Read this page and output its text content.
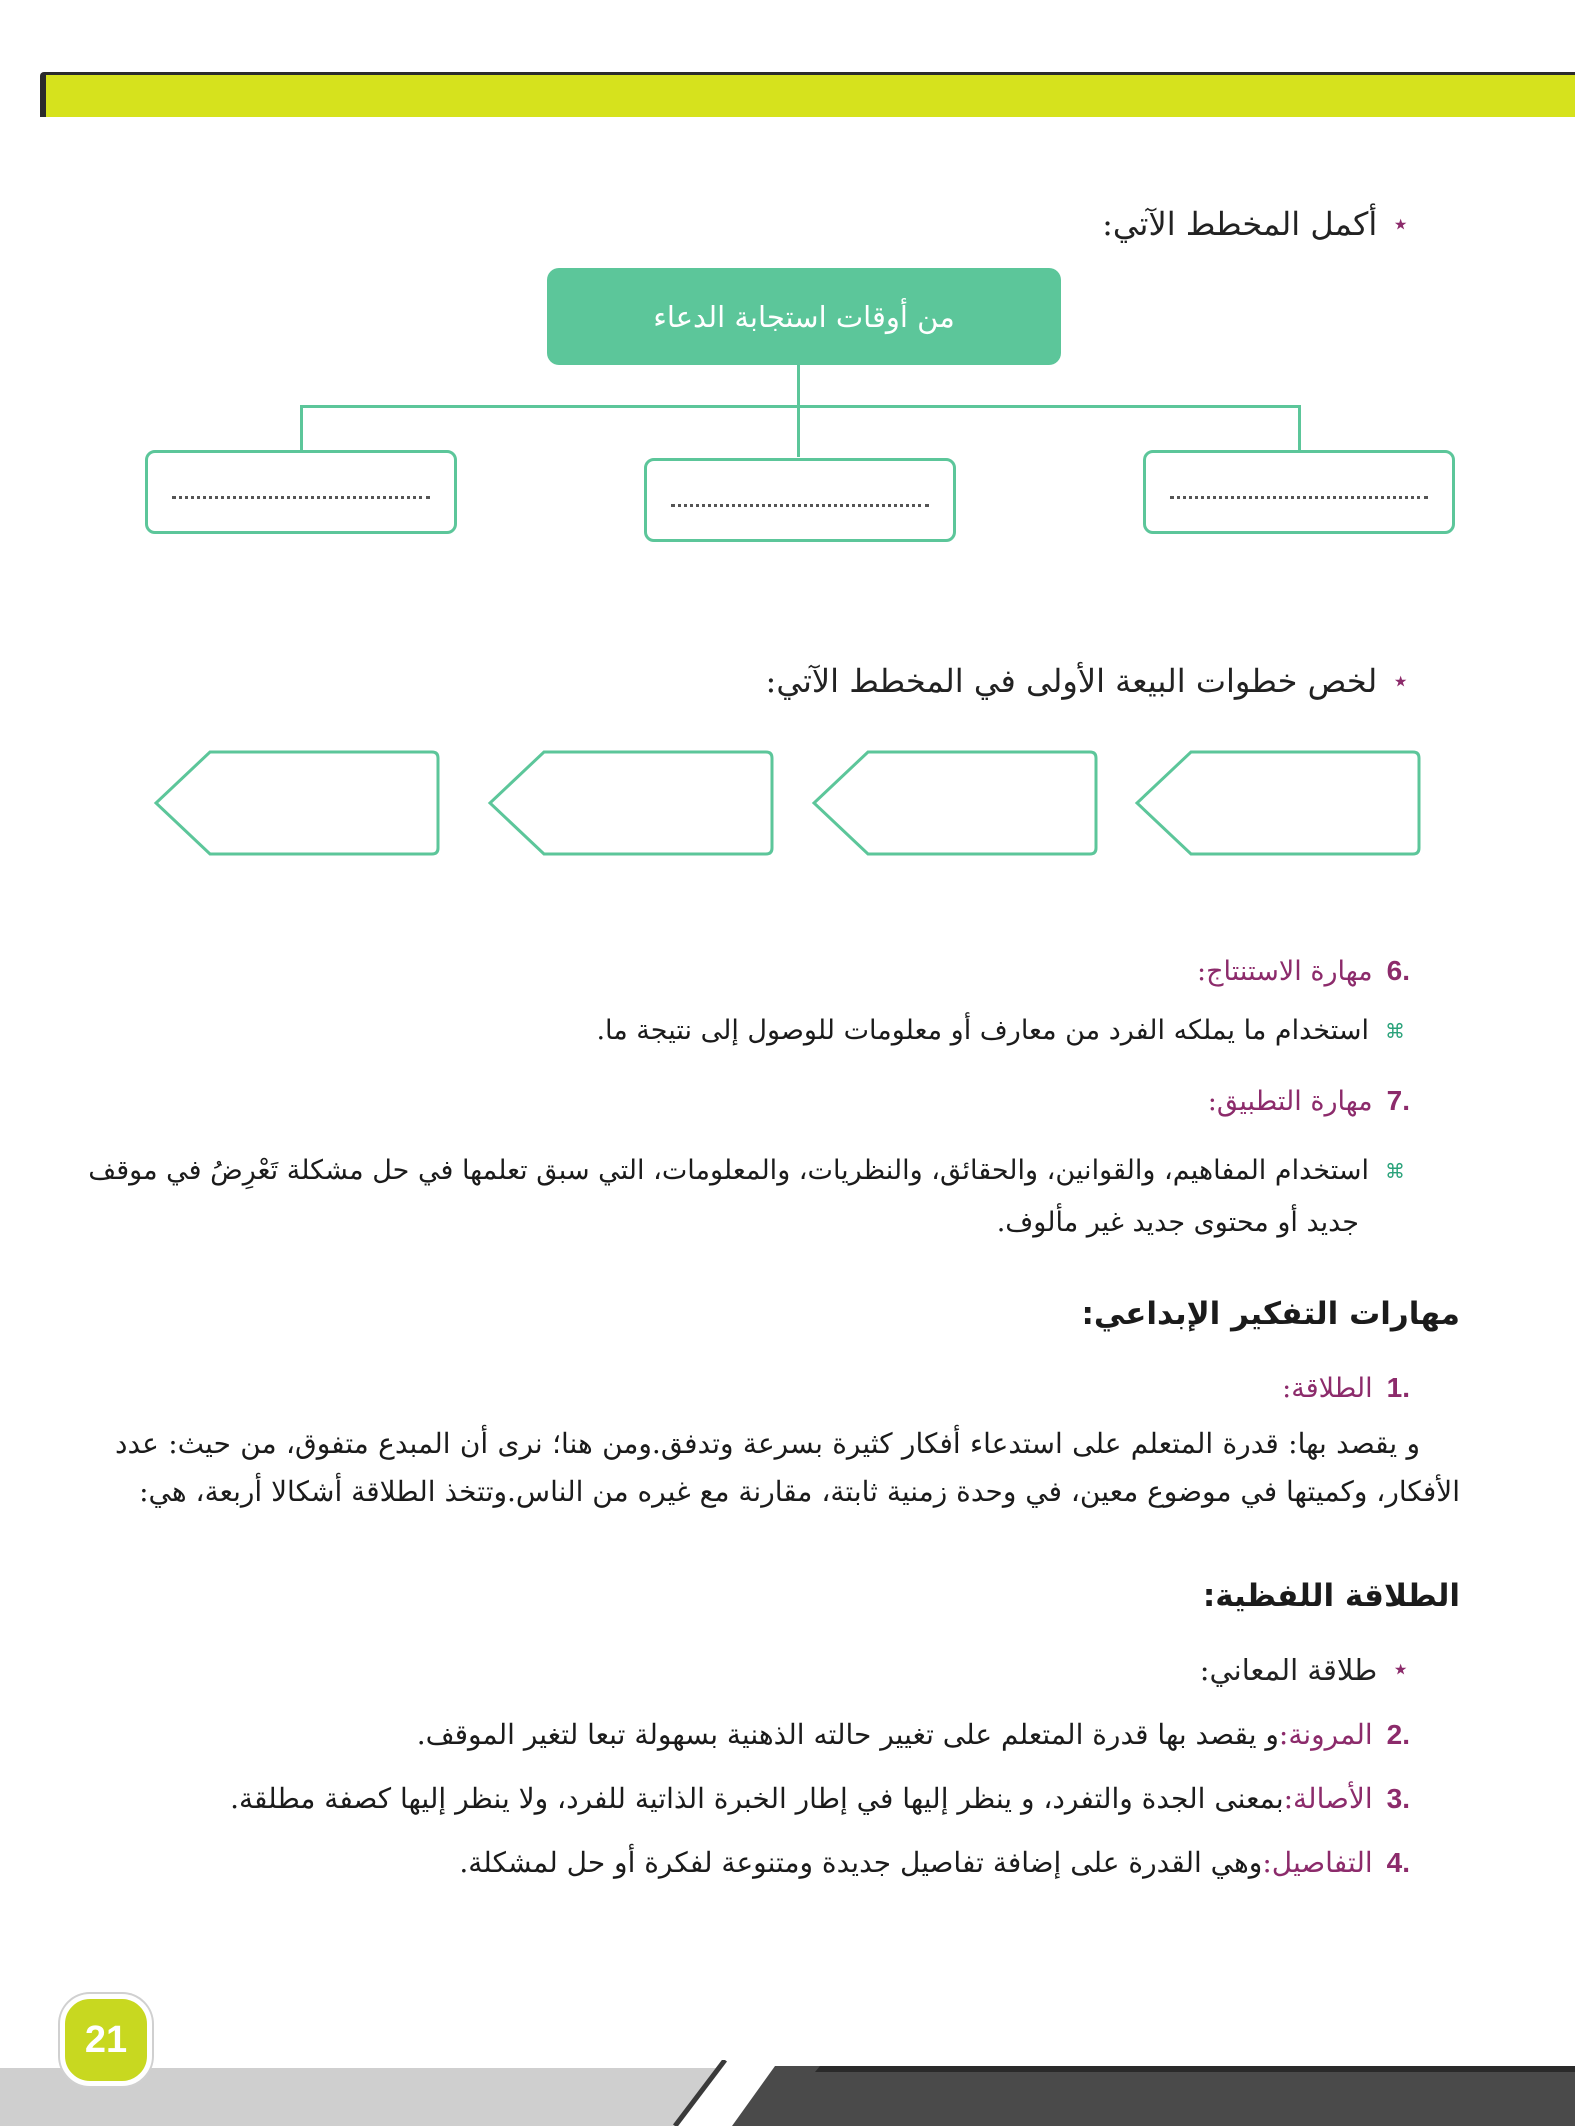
⋆
أكمل المخطط الآتي:
من أوقات استجابة الدعاء
⋆
لخص خطوات البيعة الأولى في المخطط الآتي:
.6
مهارة الاستنتاج:
⌘
استخدام ما يملكه الفرد من معارف أو معلومات للوصول إلى نتيجة ما.
.7
مهارة التطبيق:
⌘
استخدام المفاهيم، والقوانين، والحقائق، والنظريات، والمعلومات، التي سبق تعلمها في حل مشكلة تَعْرِضُ في موقف
جديد أو محتوى جديد غير مألوف.
مهارات التفكير الإبداعي:
.1
الطلاقة:

و يقصد بها: قدرة المتعلم على استدعاء أفكار كثيرة بسرعة وتدفق.ومن هنا؛ نرى أن المبدع متفوق، من حيث: عدد الأفكار، وكميتها في موضوع معين، في وحدة زمنية ثابتة، مقارنة مع غيره من الناس.وتتخذ الطلاقة أشكالا أربعة، هي:

الطلاقة اللفظية:
⋆
طلاقة المعاني:
.2
المرونة:
و يقصد بها قدرة المتعلم على تغيير حالته الذهنية بسهولة تبعا لتغير الموقف.
.3
الأصالة:
بمعنى الجدة والتفرد، و ينظر إليها في إطار الخبرة الذاتية للفرد، ولا ينظر إليها كصفة مطلقة.
.4
التفاصيل:
وهي القدرة على إضافة تفاصيل جديدة ومتنوعة لفكرة أو حل لمشكلة.
21
